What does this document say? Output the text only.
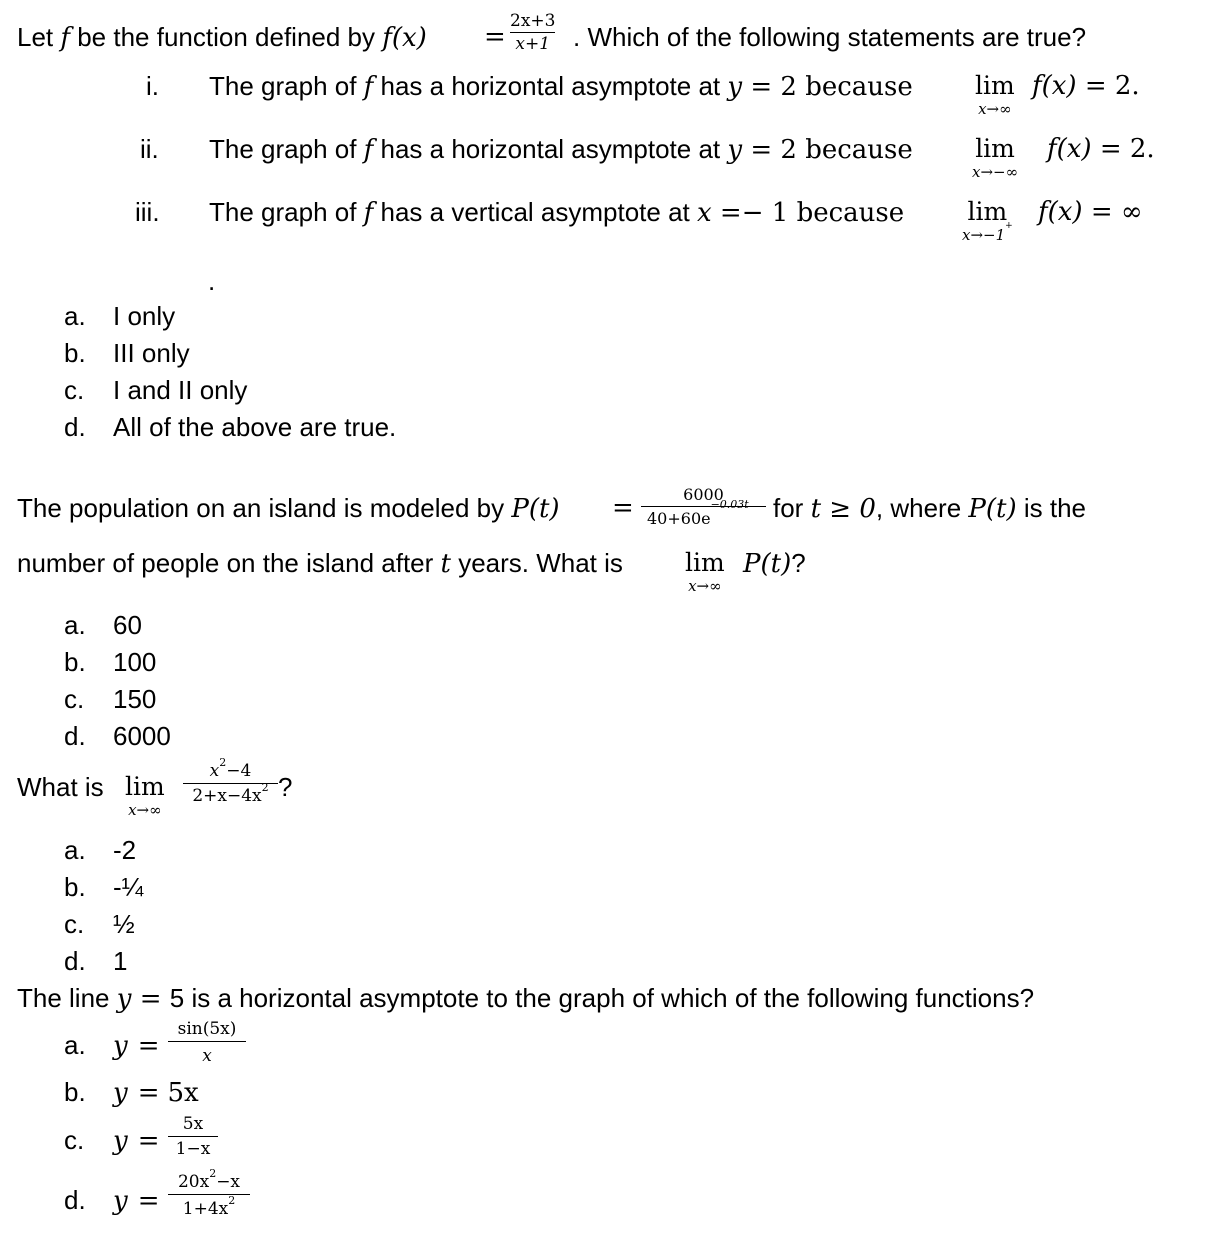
Let f be the function defined by f(x) =
2x+3
x+1 . Which of the following statements are true?
i. The graph of f has a horizontal asymptote at y = 2 because lim
x→∞
f(x) = 2.
ii. The graph of f has a horizontal asymptote at y = 2 because lim
x→−∞
f(x) = 2.
iii. The graph of f has a vertical asymptote at x =− 1 because	lim
x→−1+ f(x) = ∞
.
a. I only
b. III only
c. I and II only
d. All of the above are true.
The population on an island is modeled by P(t) =	6000
$40+60e^{-0.03t}$ for t ≥ 0, where P(t) is the
number of people on the island after t years. What is lim
x→∞
P(t)?
a. 60
b. 100
c. 150
d. 6000
What is lim
x→∞
$x^2-4$
$2+x-4x^2$ ?
a. -2
b. -¼
c. ½
d. 1
The line y = 5 is a horizontal asymptote to the graph of which of the following functions?
a. y =
sin(5x)
x
b. y = 5x
c. y =
5x
1−x
d. y =
$20x^2-x$
$1+4x^2$
